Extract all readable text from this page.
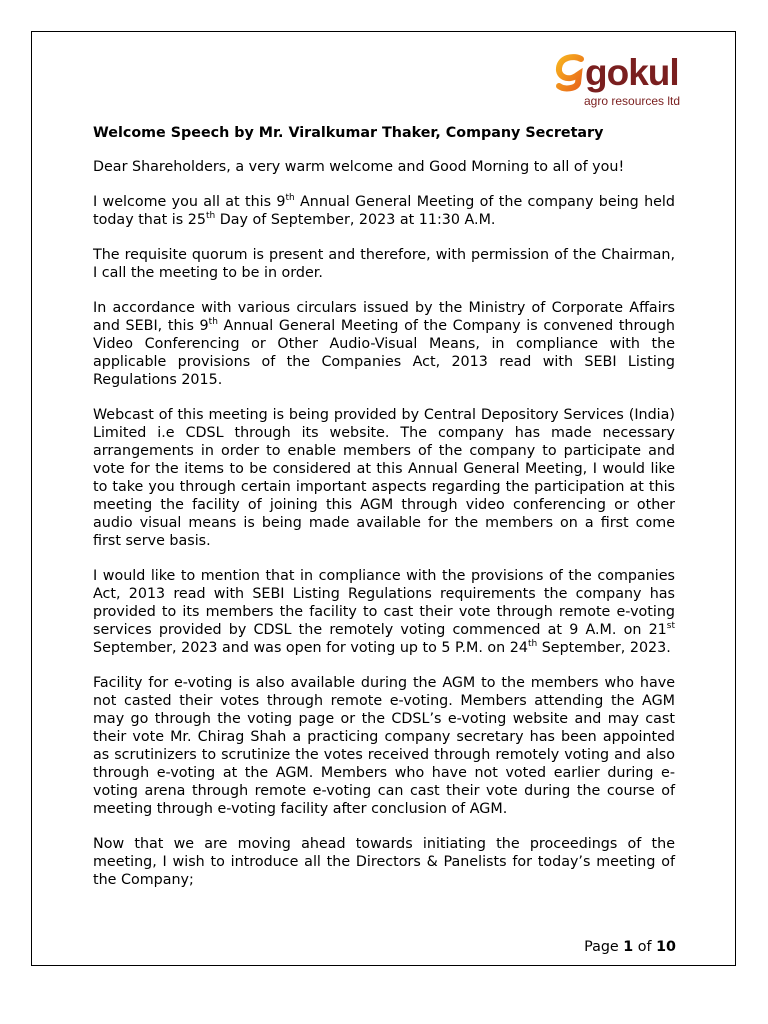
gokul
agro resources ltd

Welcome Speech by Mr. Viralkumar Thaker, Company Secretary

Dear Shareholders, a very warm welcome and Good Morning to all of you!

I welcome you all at this 9th Annual General Meeting of the company being held today that is 25th Day of September, 2023 at 11:30 A.M.

The requisite quorum is present and therefore, with permission of the Chairman, I call the meeting to be in order.

In accordance with various circulars issued by the Ministry of Corporate Affairs and SEBI, this 9th Annual General Meeting of the Company is convened through Video Conferencing or Other Audio-Visual Means, in compliance with the applicable provisions of the Companies Act, 2013 read with SEBI Listing Regulations 2015.

Webcast of this meeting is being provided by Central Depository Services (India) Limited i.e CDSL through its website. The company has made necessary arrangements in order to enable members of the company to participate and vote for the items to be considered at this Annual General Meeting, I would like to take you through certain important aspects regarding the participation at this meeting the facility of joining this AGM through video conferencing or other audio visual means is being made available for the members on a first come first serve basis.

I would like to mention that in compliance with the provisions of the companies Act, 2013 read with SEBI Listing Regulations requirements the company has provided to its members the facility to cast their vote through remote e-voting services provided by CDSL the remotely voting commenced at 9 A.M. on 21st September, 2023 and was open for voting up to 5 P.M. on 24th September, 2023.

Facility for e-voting is also available during the AGM to the members who have not casted their votes through remote e-voting. Members attending the AGM may go through the voting page or the CDSL’s e-voting website and may cast their vote Mr. Chirag Shah a practicing company secretary has been appointed as scrutinizers to scrutinize the votes received through remotely voting and also through e-voting at the AGM. Members who have not voted earlier during e-voting arena through remote e-voting can cast their vote during the course of meeting through e-voting facility after conclusion of AGM.

Now that we are moving ahead towards initiating the proceedings of the meeting, I wish to introduce all the Directors & Panelists for today’s meeting of the Company;

Page 1 of 10
